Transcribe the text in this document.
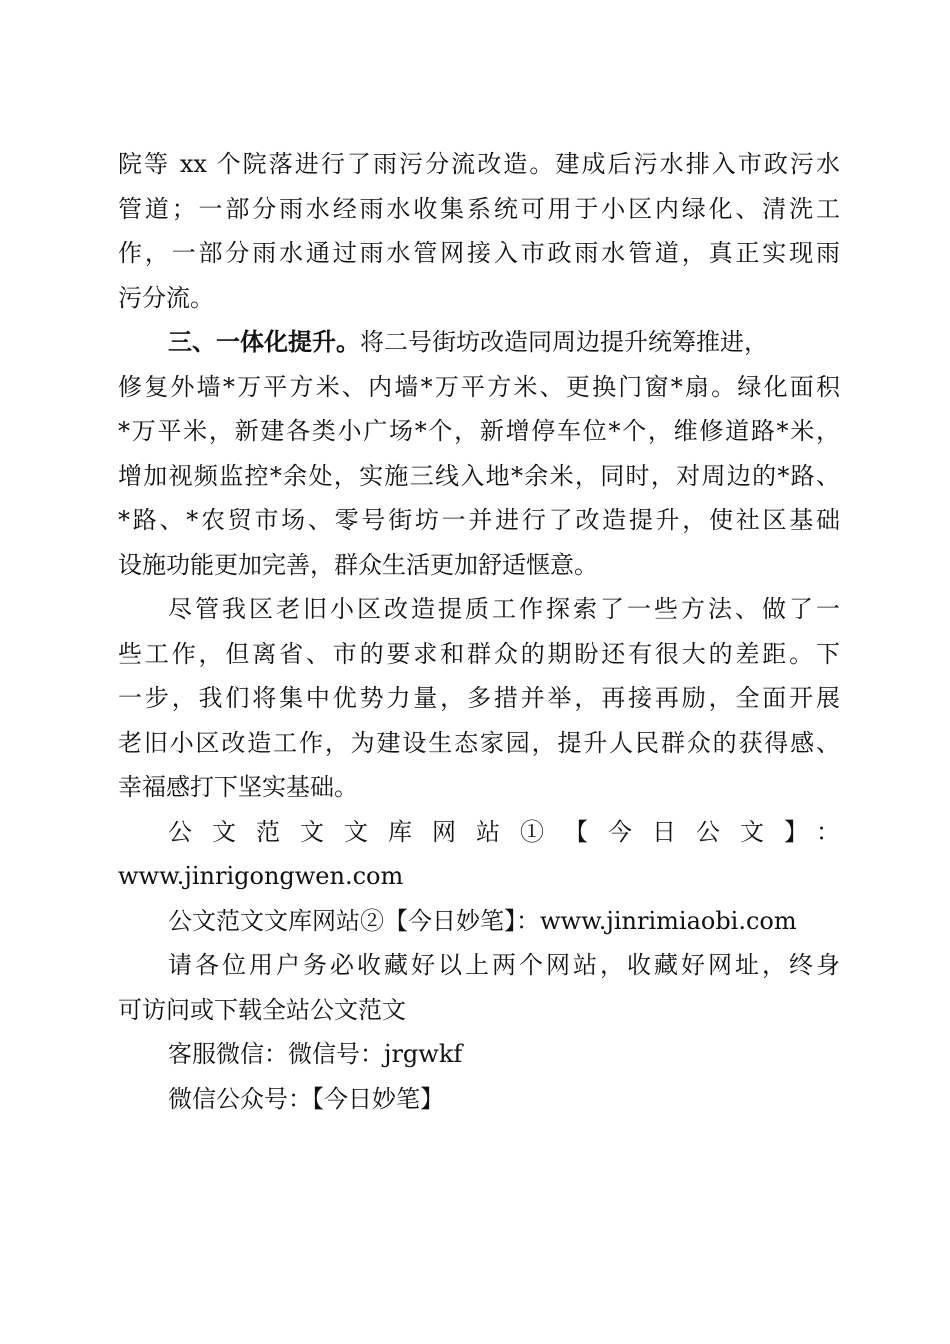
院等 xx 个院落进行了雨污分流改造。建成后污水排入市政污水
管道；一部分雨水经雨水收集系统可用于小区内绿化、清洗工
作，一部分雨水通过雨水管网接入市政雨水管道，真正实现雨
污分流。
三、一体化提升。将二号街坊改造同周边提升统筹推进，
修复外墙*万平方米、内墙*万平方米、更换门窗*扇。绿化面积
*万平米，新建各类小广场*个，新增停车位*个，维修道路*米，
增加视频监控*余处，实施三线入地*余米，同时，对周边的*路、
*路、*农贸市场、零号街坊一并进行了改造提升，使社区基础
设施功能更加完善，群众生活更加舒适惬意。
尽管我区老旧小区改造提质工作探索了一些方法、做了一
些工作，但离省、市的要求和群众的期盼还有很大的差距。下
一步，我们将集中优势力量，多措并举，再接再励，全面开展
老旧小区改造工作，为建设生态家园，提升人民群众的获得感、
幸福感打下坚实基础。
公文范文文库网站①【今日公文】：
www.jinrigongwen.com
公文范文文库网站②【今日妙笔】：www.jinrimiaobi.com
请各位用户务必收藏好以上两个网站，收藏好网址，终身
可访问或下载全站公文范文
客服微信：微信号：jrgwkf
微信公众号：【今日妙笔】
